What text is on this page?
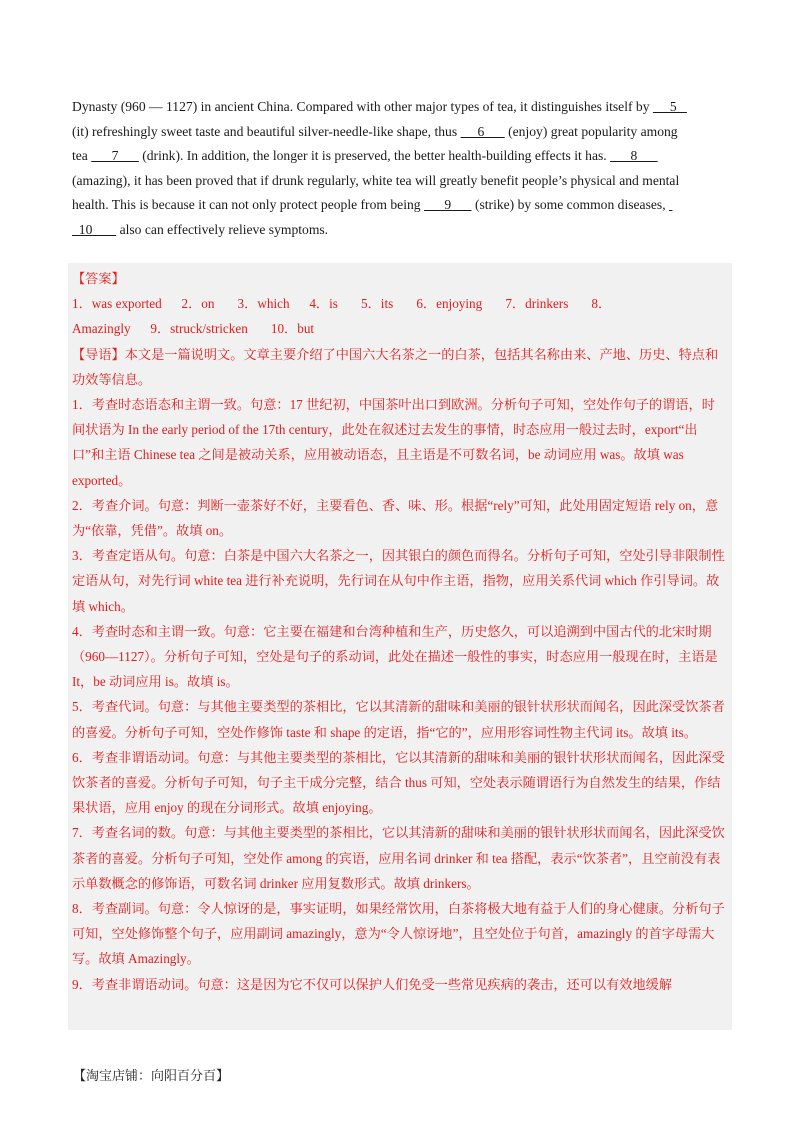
Dynasty (960 — 1127) in ancient China. Compared with other major types of tea, it distinguishes itself by      5

(it) refreshingly sweet taste and beautiful silver-needle-like shape, thus      6       (enjoy) great popularity among

tea       7       (drink). In addition, the longer it is preserved, the better health-building effects it has.       8

(amazing), it has been proved that if drunk regularly, white tea will greatly benefit people’s physical and mental

health. This is because it can not only protect people from being       9       (strike) by some common diseases,

10        also can effectively relieve symptoms.

【答案】

1．was exported      2．on       3．which      4．is       5．its       6．enjoying       7．drinkers       8．

Amazingly      9．struck/stricken       10．but

【导语】本文是一篇说明文。文章主要介绍了中国六大名茶之一的白茶，包括其名称由来、产地、历史、特点和功效等信息。

1．考查时态语态和主谓一致。句意：17 世纪初，中国茶叶出口到欧洲。分析句子可知，空处作句子的谓语，时间状语为 In the early period of the 17th century，此处在叙述过去发生的事情，时态应用一般过去时，export“出口”和主语 Chinese tea 之间是被动关系，应用被动语态，且主语是不可数名词，be 动词应用 was。故填 was exported。

2．考查介词。句意：判断一壶茶好不好，主要看色、香、味、形。根据“rely”可知，此处用固定短语 rely on，意为“依靠，凭借”。故填 on。

3．考查定语从句。句意：白茶是中国六大名茶之一，因其银白的颜色而得名。分析句子可知，空处引导非限制性定语从句，对先行词 white tea 进行补充说明，先行词在从句中作主语，指物，应用关系代词 which 作引导词。故填 which。

4．考查时态和主谓一致。句意：它主要在福建和台湾种植和生产，历史悠久，可以追溯到中国古代的北宋时期（960—1127）。分析句子可知，空处是句子的系动词，此处在描述一般性的事实，时态应用一般现在时，主语是 It，be 动词应用 is。故填 is。

5．考查代词。句意：与其他主要类型的茶相比，它以其清新的甜味和美丽的银针状形状而闻名，因此深受饮茶者的喜爱。分析句子可知，空处作修饰 taste 和 shape 的定语，指“它的”，应用形容词性物主代词 its。故填 its。

6．考查非谓语动词。句意：与其他主要类型的茶相比，它以其清新的甜味和美丽的银针状形状而闻名，因此深受饮茶者的喜爱。分析句子可知，句子主干成分完整，结合 thus 可知，空处表示随谓语行为自然发生的结果，作结果状语，应用 enjoy 的现在分词形式。故填 enjoying。

7．考查名词的数。句意：与其他主要类型的茶相比，它以其清新的甜味和美丽的银针状形状而闻名，因此深受饮茶者的喜爱。分析句子可知，空处作 among 的宾语，应用名词 drinker 和 tea 搭配，表示“饮茶者”，且空前没有表示单数概念的修饰语，可数名词 drinker 应用复数形式。故填 drinkers。

8．考查副词。句意：令人惊讶的是，事实证明，如果经常饮用，白茶将极大地有益于人们的身心健康。分析句子可知，空处修饰整个句子，应用副词 amazingly，意为“令人惊讶地”，且空处位于句首，amazingly 的首字母需大写。故填 Amazingly。

9．考查非谓语动词。句意：这是因为它不仅可以保护人们免受一些常见疾病的袭击，还可以有效地缓解

【淘宝店铺：向阳百分百】
